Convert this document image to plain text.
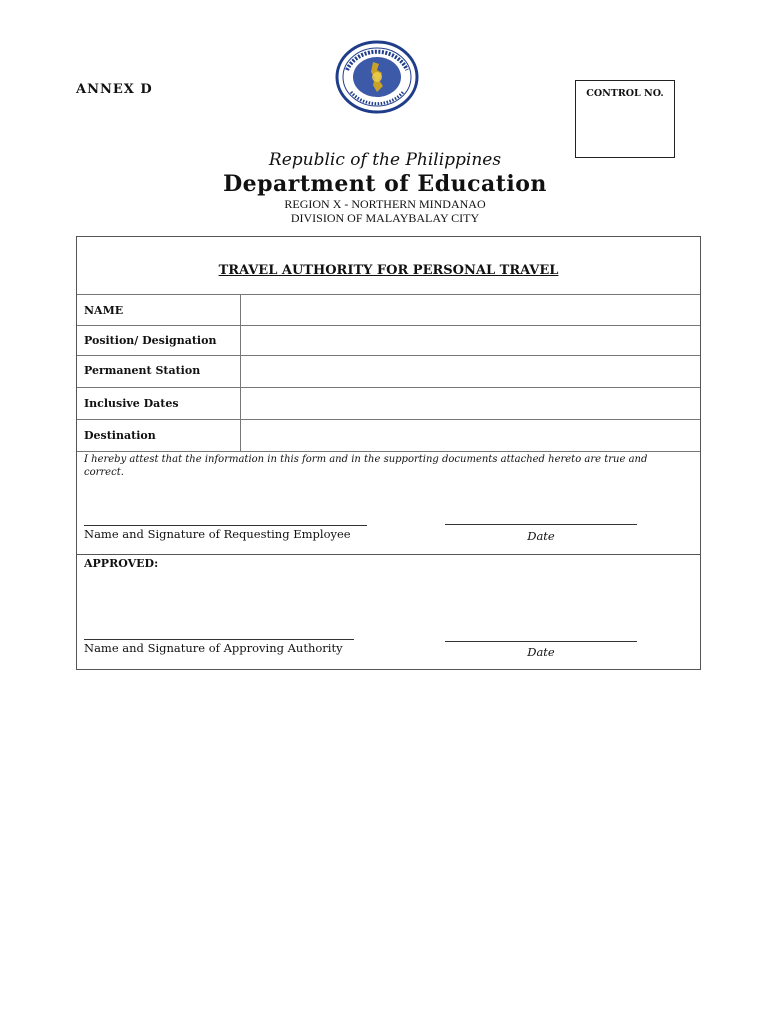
ANNEX D	CONTROL NO.
Republic of the Philippines
Department of Education
REGION X - NORTHERN MINDANAO
DIVISION OF MALAYBALAY CITY
TRAVEL AUTHORITY FOR PERSONAL TRAVEL
NAME
Position/ Designation
Permanent Station
Inclusive Dates
Destination
I hereby attest that the information in this form and in the supporting documents attached hereto are true and correct.
Name and Signature of Requesting Employee	Date
APPROVED:
Name and Signature of Approving Authority	Date
